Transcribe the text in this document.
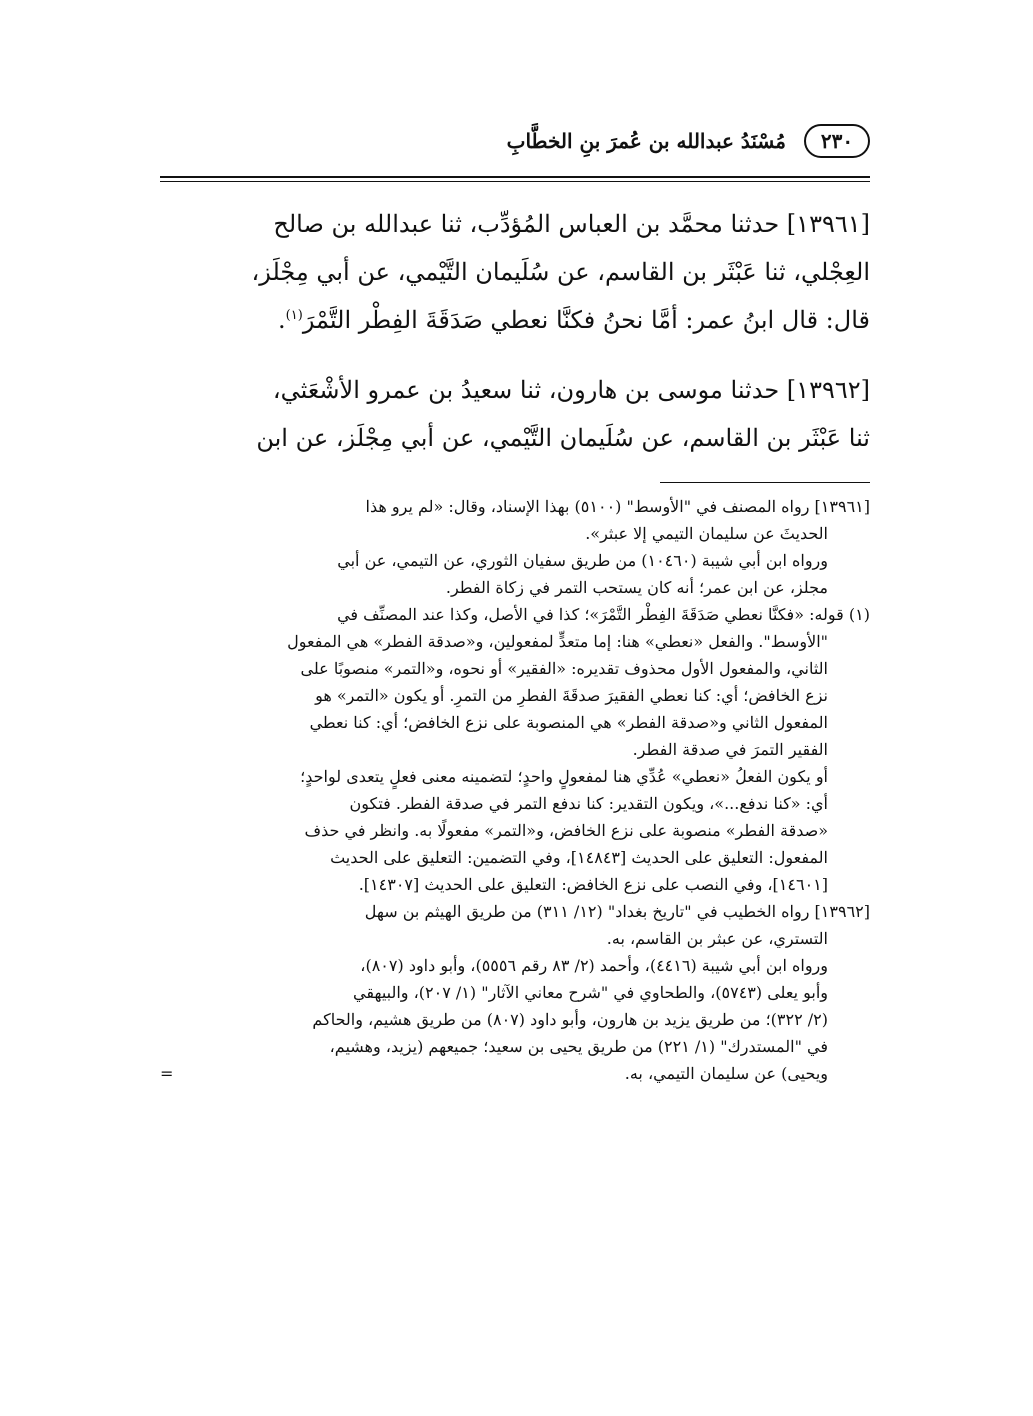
٢٣٠
مُسْنَدُ عبدالله بن عُمرَ بنِ الخطَّابِ

[١٣٩٦١] حدثنا محمَّد بن العباس المُؤدِّب، ثنا عبدالله بن صالح
العِجْلي، ثنا عَبْثَر بن القاسم، عن سُلَيمان التَّيْمي، عن أبي مِجْلَز،
قال: قال ابنُ عمر: أمَّا نحنُ فكنَّا نعطي صَدَقَةَ الفِطْر التَّمْرَ$^{(١)}$.

[١٣٩٦٢] حدثنا موسى بن هارون، ثنا سعيدُ بن عمرو الأشْعَثي،
ثنا عَبْثَر بن القاسم، عن سُلَيمان التَّيْمي، عن أبي مِجْلَز، عن ابن

[١٣٩٦١] رواه المصنف في "الأوسط" (٥١٠٠) بهذا الإسناد، وقال: «لم يرو هذا
الحديثَ عن سليمان التيمي إلا عبثر».
ورواه ابن أبي شيبة (١٠٤٦٠) من طريق سفيان الثوري، عن التيمي، عن أبي
مجلز، عن ابن عمر؛ أنه كان يستحب التمر في زكاة الفطر.
(١) قوله: «فكنَّا نعطي صَدَقَةَ الفِطْر التَّمْرَ»؛ كذا في الأصل، وكذا عند المصنِّف في
"الأوسط". والفعل «نعطي» هنا: إما متعدٍّ لمفعولين، و«صدقة الفطر» هي المفعول
الثاني، والمفعول الأول محذوف تقديره: «الفقير» أو نحوه، و«التمر» منصوبًا على
نزع الخافض؛ أي: كنا نعطي الفقيرَ صدقَةَ الفطرِ من التمرِ. أو يكون «التمر» هو
المفعول الثاني و«صدقة الفطر» هي المنصوبة على نزع الخافض؛ أي: كنا نعطي
الفقير التمرَ في صدقة الفطر.
أو يكون الفعلُ «نعطي» عُدِّي هنا لمفعولٍ واحدٍ؛ لتضمينه معنى فعلٍ يتعدى لواحدٍ؛
أي: «كنا ندفع...»، ويكون التقدير: كنا ندفع التمر في صدقة الفطر. فتكون
«صدقة الفطر» منصوبة على نزع الخافض، و«التمر» مفعولًا به. وانظر في حذف
المفعول: التعليق على الحديث [١٤٨٤٣]، وفي التضمين: التعليق على الحديث
[١٤٦٠١]، وفي النصب على نزع الخافض: التعليق على الحديث [١٤٣٠٧].
[١٣٩٦٢] رواه الخطيب في "تاريخ بغداد" (١٢/ ٣١١) من طريق الهيثم بن سهل
التستري، عن عبثر بن القاسم، به.
ورواه ابن أبي شيبة (٤٤١٦)، وأحمد (٢/ ٨٣ رقم ٥٥٥٦)، وأبو داود (٨٠٧)،
وأبو يعلى (٥٧٤٣)، والطحاوي في "شرح معاني الآثار" (١/ ٢٠٧)، والبيهقي
(٢/ ٣٢٢)؛ من طريق يزيد بن هارون، وأبو داود (٨٠٧) من طريق هشيم، والحاكم
في "المستدرك" (١/ ٢٢١) من طريق يحيى بن سعيد؛ جميعهم (يزيد، وهشيم،
ويحيى) عن سليمان التيمي، به.
=
